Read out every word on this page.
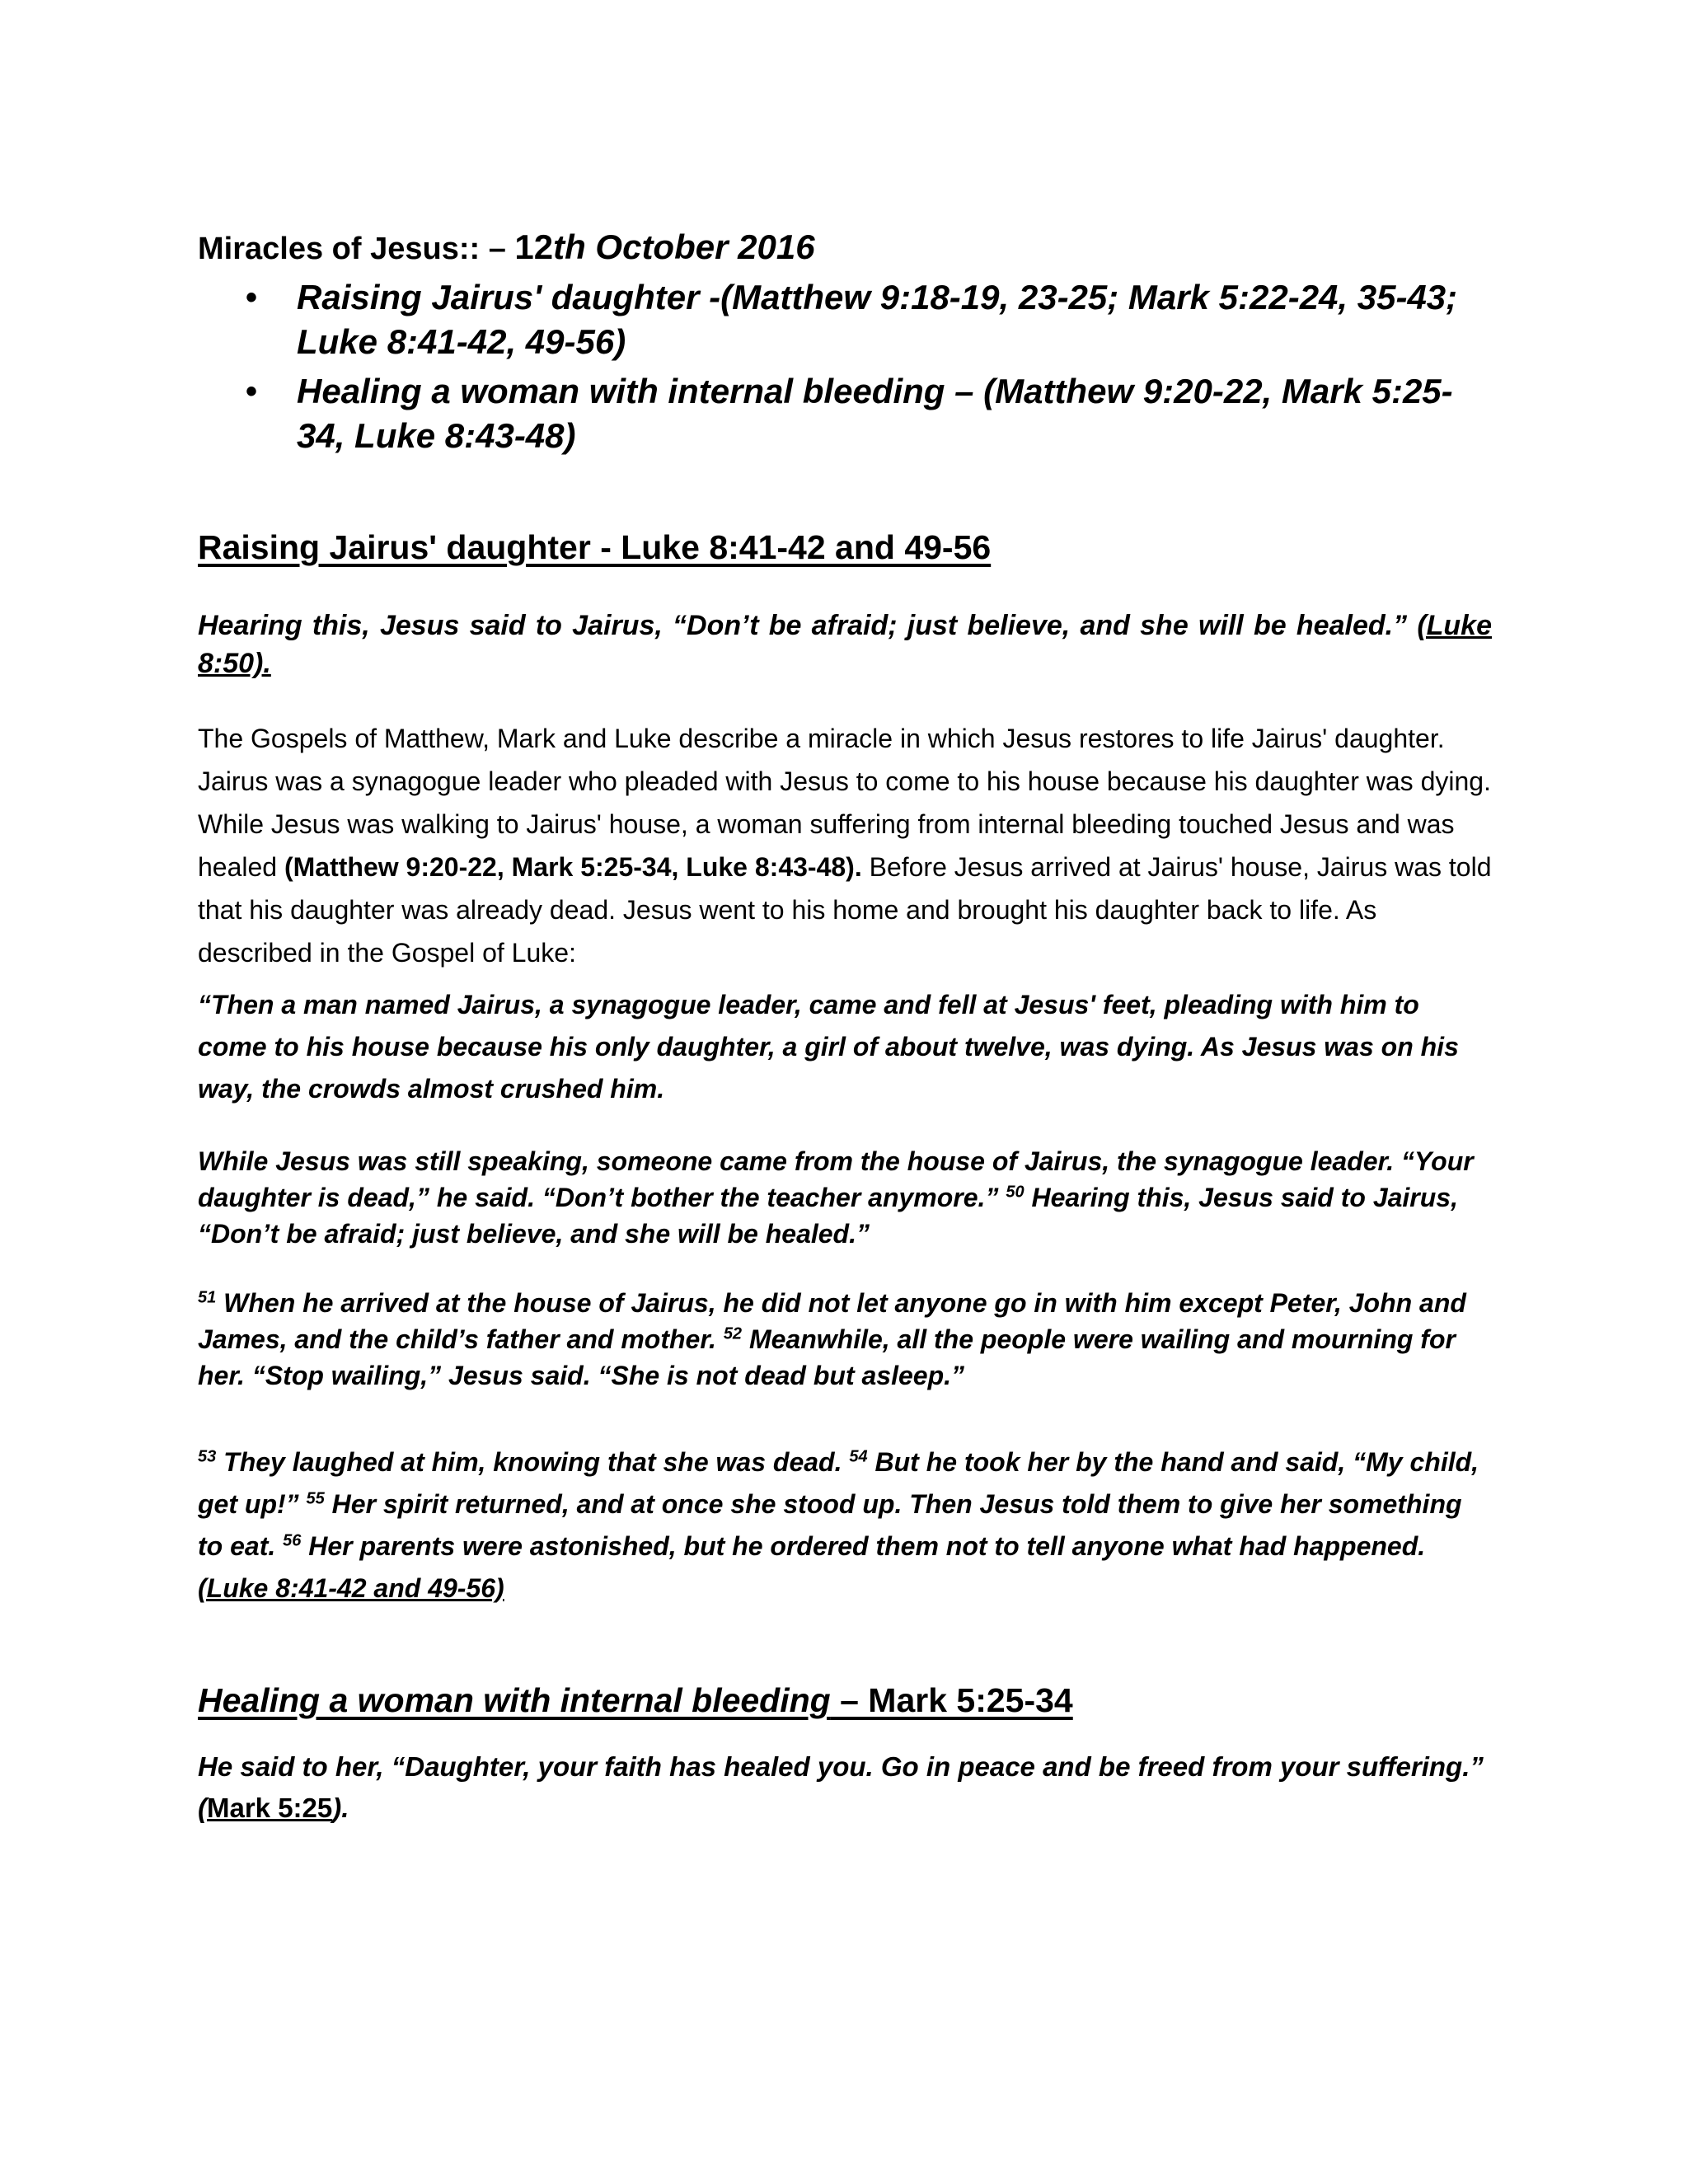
Miracles of Jesus:: – 12th October 2016

• Raising Jairus' daughter -(Matthew 9:18-19, 23-25; Mark 5:22-24, 35-43; Luke 8:41-42, 49-56)
• Healing a woman with internal bleeding – (Matthew 9:20-22, Mark 5:25-34, Luke 8:43-48)
Raising Jairus' daughter - Luke 8:41-42 and 49-56

Hearing this, Jesus said to Jairus, “Don’t be afraid; just believe, and she will be healed.” (Luke 8:50).

The Gospels of Matthew, Mark and Luke describe a miracle in which Jesus restores to life Jairus' daughter. Jairus was a synagogue leader who pleaded with Jesus to come to his house because his daughter was dying. While Jesus was walking to Jairus' house, a woman suffering from internal bleeding touched Jesus and was healed (Matthew 9:20-22, Mark 5:25-34, Luke 8:43-48). Before Jesus arrived at Jairus' house, Jairus was told that his daughter was already dead. Jesus went to his home and brought his daughter back to life. As described in the Gospel of Luke:

“Then a man named Jairus, a synagogue leader, came and fell at Jesus' feet, pleading with him to come to his house because his only daughter, a girl of about twelve, was dying. As Jesus was on his way, the crowds almost crushed him.

While Jesus was still speaking, someone came from the house of Jairus, the synagogue leader. “Your daughter is dead,” he said. “Don’t bother the teacher anymore.” $^{50}$ Hearing this, Jesus said to Jairus, “Don’t be afraid; just believe, and she will be healed.”

$^{51}$ When he arrived at the house of Jairus, he did not let anyone go in with him except Peter, John and James, and the child’s father and mother. $^{52}$ Meanwhile, all the people were wailing and mourning for her. “Stop wailing,” Jesus said. “She is not dead but asleep.”

$^{53}$ They laughed at him, knowing that she was dead. $^{54}$ But he took her by the hand and said, “My child, get up!” $^{55}$ Her spirit returned, and at once she stood up. Then Jesus told them to give her something to eat. $^{56}$ Her parents were astonished, but he ordered them not to tell anyone what had happened. (Luke 8:41-42 and 49-56)

Healing a woman with internal bleeding – Mark 5:25-34

He said to her, “Daughter, your faith has healed you. Go in peace and be freed from your suffering.” (Mark 5:25).
